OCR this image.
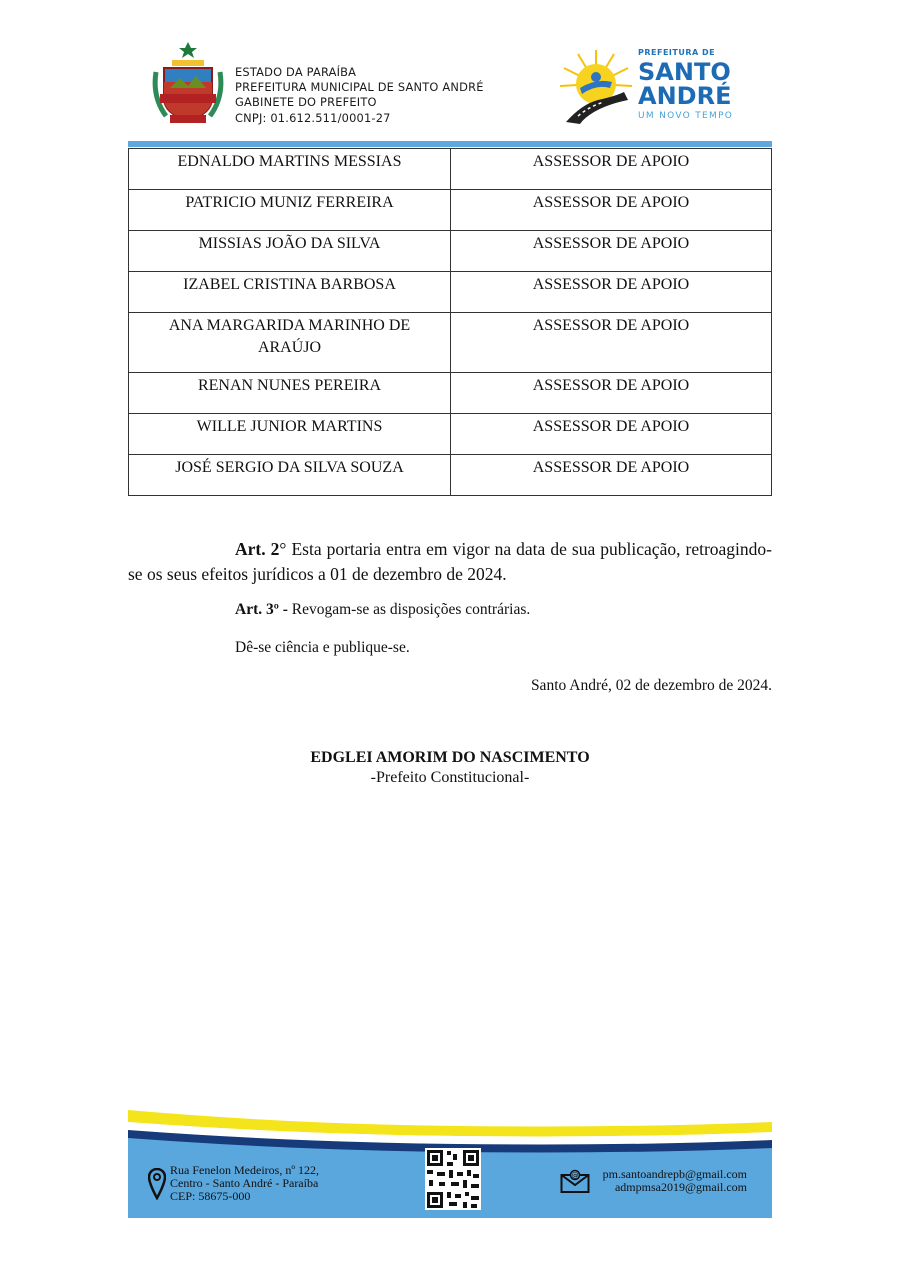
ESTADO DA PARAÍBA
PREFEITURA MUNICIPAL DE SANTO ANDRÉ
GABINETE DO PREFEITO
CNPJ: 01.612.511/0001-27
PREFEITURA DE
SANTO
ANDRÉ
UM NOVO TEMPO
EDNALDO MARTINS MESSIAS	ASSESSOR DE APOIO
PATRICIO MUNIZ FERREIRA	ASSESSOR DE APOIO
MISSIAS JOÃO DA SILVA	ASSESSOR DE APOIO
IZABEL CRISTINA BARBOSA	ASSESSOR DE APOIO
ANA MARGARIDA MARINHO DE ARAÚJO	ASSESSOR DE APOIO
RENAN NUNES PEREIRA	ASSESSOR DE APOIO
WILLE JUNIOR MARTINS	ASSESSOR DE APOIO
JOSÉ SERGIO DA SILVA SOUZA	ASSESSOR DE APOIO
Art. 2° Esta portaria entra em vigor na data de sua publicação, retroagindo-se os seus efeitos jurídicos a 01 de dezembro de 2024.
Art. 3º - Revogam-se as disposições contrárias.
Dê-se ciência e publique-se.
Santo André, 02 de dezembro de 2024.
EDGLEI AMORIM DO NASCIMENTO
-Prefeito Constitucional-
Rua Fenelon Medeiros, nº 122,
Centro - Santo André - Paraíba
CEP: 58675-000
@ pm.santoandrepb@gmail.com
admpmsa2019@gmail.com
